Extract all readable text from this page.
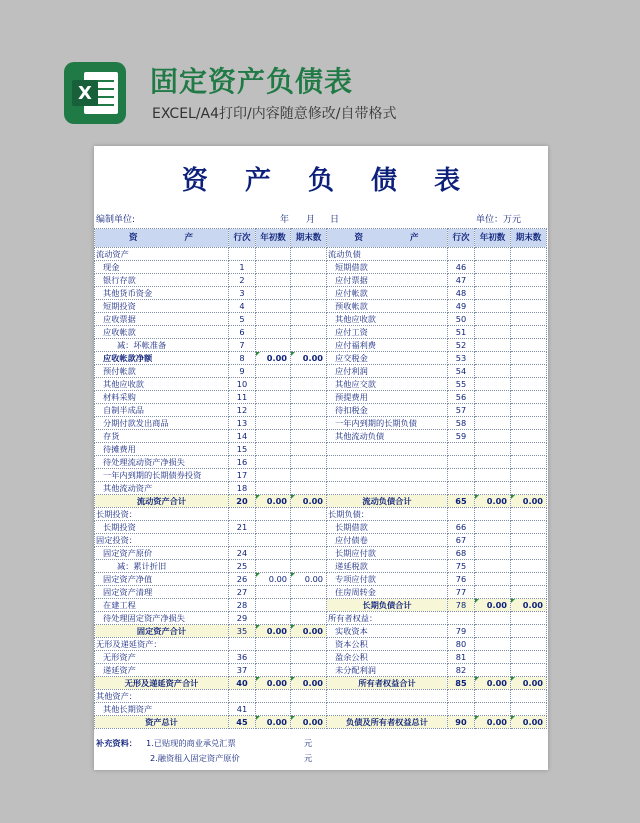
X 固定资产负债表
EXCEL/A4打印/内容随意修改/自带格式
资 产 负 债 表
编制单位:	年 月 日	单位：万元
资 产	行次	年初数	期末数	资 产	行次	年初数	期末数
流动资产				流动负债			
现金	1			短期借款	46		
银行存款	2			应付票据	47		
其他货币资金	3			应付帐款	48		
短期投资	4			预收帐款	49		
应收票据	5			其他应收款	50		
应收帐款	6			应付工资	51		
减：坏帐准备	7			应付福利费	52		
应收帐款净额	8	0.00	0.00	应交税金	53		
预付帐款	9			应付利润	54		
其他应收款	10			其他应交款	55		
材料采购	11			预提费用	56		
自制半成品	12			待扣税金	57		
分期付款发出商品	13			一年内到期的长期负债	58		
存货	14			其他流动负债	59		
待摊费用	15						
待处理流动资产净损失	16						
一年内到期的长期债券投资	17						
其他流动资产	18						
流动资产合计	20	0.00	0.00	流动负债合计	65	0.00	0.00
长期投资：				长期负债：			
长期投资	21			长期借款	66		
固定投资：				应付债卷	67		
固定资产原价	24			长期应付款	68		
减：累计折旧	25			递延税款	75		
固定资产净值	26	0.00	0.00	专项应付款	76		
固定资产清理	27			住房周转金	77		
在建工程	28			长期负债合计	78	0.00	0.00
待处理固定资产净损失	29			所有者权益：			
固定资产合计	35	0.00	0.00	实收资本	79		
无形及递延资产：				资本公积	80		
无形资产	36			盈余公积	81		
递延资产	37			未分配利润	82		
无形及递延资产合计	40	0.00	0.00	所有者权益合计	85	0.00	0.00
其他资产：							
其他长期资产	41						
资产总计	45	0.00	0.00	负债及所有者权益总计	90	0.00	0.00
补充资料： 1.已贴现的商业承兑汇票	元
2.融资租入固定资产原价	元
